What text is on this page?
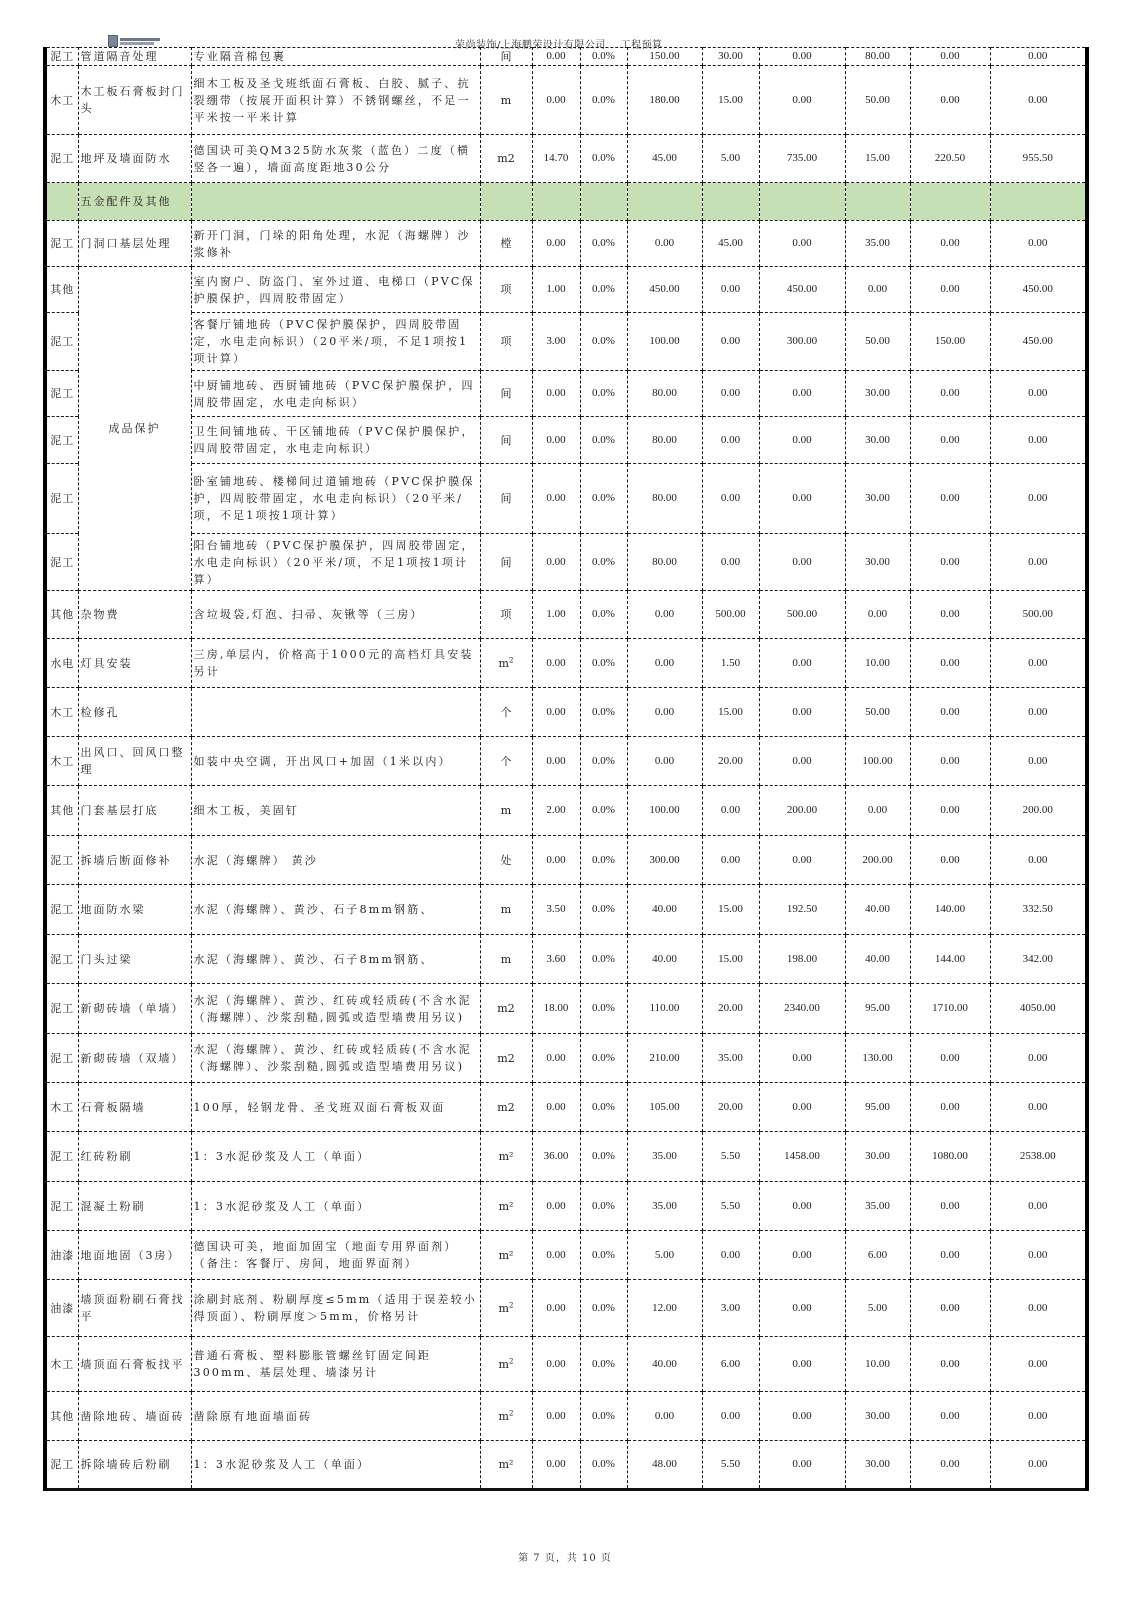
荣尚装饰/上海鹏荣设计有限公司    工程预算
泥工	管道隔音处理	专业隔音棉包裹	间	0.00	0.0%	150.00	30.00	0.00	80.00	0.00	0.00
木工	木工板石膏板封门头	细木工板及圣戈班纸面石膏板、白胶、腻子、抗裂绷带（按展开面积计算）不锈钢螺丝，不足一平米按一平米计算	m	0.00	0.0%	180.00	15.00	0.00	50.00	0.00	0.00
泥工	地坪及墙面防水	德国诀可美QM325防水灰浆（蓝色）二度（横竖各一遍），墙面高度距地30公分	m2	14.70	0.0%	45.00	5.00	735.00	15.00	220.50	955.50
	五金配件及其他										
泥工	门洞口基层处理	新开门洞，门垛的阳角处理，水泥（海螺牌）沙浆修补	樘	0.00	0.0%	0.00	45.00	0.00	35.00	0.00	0.00
其他	成品保护	室内窗户、防盗门、室外过道、电梯口（PVC保护膜保护，四周胶带固定）	项	1.00	0.0%	450.00	0.00	450.00	0.00	0.00	450.00
泥工		客餐厅铺地砖（PVC保护膜保护，四周胶带固定，水电走向标识）（20平米/项，不足1项按1项计算）	项	3.00	0.0%	100.00	0.00	300.00	50.00	150.00	450.00
泥工		中厨铺地砖、西厨铺地砖（PVC保护膜保护，四周胶带固定，水电走向标识）	间	0.00	0.0%	80.00	0.00	0.00	30.00	0.00	0.00
泥工		卫生间铺地砖、干区铺地砖（PVC保护膜保护，四周胶带固定，水电走向标识）	间	0.00	0.0%	80.00	0.00	0.00	30.00	0.00	0.00
泥工		卧室铺地砖、楼梯间过道铺地砖（PVC保护膜保护，四周胶带固定，水电走向标识）（20平米/项，不足1项按1项计算）	间	0.00	0.0%	80.00	0.00	0.00	30.00	0.00	0.00
泥工		阳台铺地砖（PVC保护膜保护，四周胶带固定，水电走向标识）（20平米/项，不足1项按1项计算）	间	0.00	0.0%	80.00	0.00	0.00	30.00	0.00	0.00
其他	杂物费	含垃圾袋,灯泡、扫帚、灰锹等（三房）	项	1.00	0.0%	0.00	500.00	500.00	0.00	0.00	500.00
水电	灯具安装	三房,单层内，价格高于1000元的高档灯具安装另计	$m^2$	0.00	0.0%	0.00	1.50	0.00	10.00	0.00	0.00
木工	检修孔		个	0.00	0.0%	0.00	15.00	0.00	50.00	0.00	0.00
木工	出风口、回风口整理	如装中央空调，开出风口+加固（1米以内）	个	0.00	0.0%	0.00	20.00	0.00	100.00	0.00	0.00
其他	门套基层打底	细木工板，美固钉	m	2.00	0.0%	100.00	0.00	200.00	0.00	0.00	200.00
泥工	拆墙后断面修补	水泥（海螺牌） 黄沙	处	0.00	0.0%	300.00	0.00	0.00	200.00	0.00	0.00
泥工	地面防水梁	水泥（海螺牌）、黄沙、石子8mm钢筋、	m	3.50	0.0%	40.00	15.00	192.50	40.00	140.00	332.50
泥工	门头过梁	水泥（海螺牌）、黄沙、石子8mm钢筋、	m	3.60	0.0%	40.00	15.00	198.00	40.00	144.00	342.00
泥工	新砌砖墙（单墙）	水泥（海螺牌）、黄沙、红砖或轻质砖(不含水泥（海螺牌）、沙浆刮糙,圆弧或造型墙费用另议)	m2	18.00	0.0%	110.00	20.00	2340.00	95.00	1710.00	4050.00
泥工	新砌砖墙（双墙）	水泥（海螺牌）、黄沙、红砖或轻质砖(不含水泥（海螺牌）、沙浆刮糙,圆弧或造型墙费用另议)	m2	0.00	0.0%	210.00	35.00	0.00	130.00	0.00	0.00
木工	石膏板隔墙	100厚，轻钢龙骨、圣戈班双面石膏板双面	m2	0.00	0.0%	105.00	20.00	0.00	95.00	0.00	0.00
泥工	红砖粉刷	1：3水泥砂浆及人工（单面）	m²	36.00	0.0%	35.00	5.50	1458.00	30.00	1080.00	2538.00
泥工	混凝土粉刷	1：3水泥砂浆及人工（单面）	m²	0.00	0.0%	35.00	5.50	0.00	35.00	0.00	0.00
油漆	地面地固（3房）	德国诀可美，地面加固宝（地面专用界面剂）（备注：客餐厅、房间，地面界面剂）	m²	0.00	0.0%	5.00	0.00	0.00	6.00	0.00	0.00
油漆	墙顶面粉刷石膏找平	涂刷封底剂、粉刷厚度≤5mm（适用于误差较小得顶面）、粉刷厚度＞5mm，价格另计	$m^2$	0.00	0.0%	12.00	3.00	0.00	5.00	0.00	0.00
木工	墙顶面石膏板找平	普通石膏板、塑料膨胀管螺丝钉固定间距300mm、基层处理、墙漆另计	$m^2$	0.00	0.0%	40.00	6.00	0.00	10.00	0.00	0.00
其他	凿除地砖、墙面砖	凿除原有地面墙面砖	$m^2$	0.00	0.0%	0.00	0.00	0.00	30.00	0.00	0.00
泥工	拆除墙砖后粉刷	1：3水泥砂浆及人工（单面）	m²	0.00	0.0%	48.00	5.50	0.00	30.00	0.00	0.00
第 7 页，共 10 页
